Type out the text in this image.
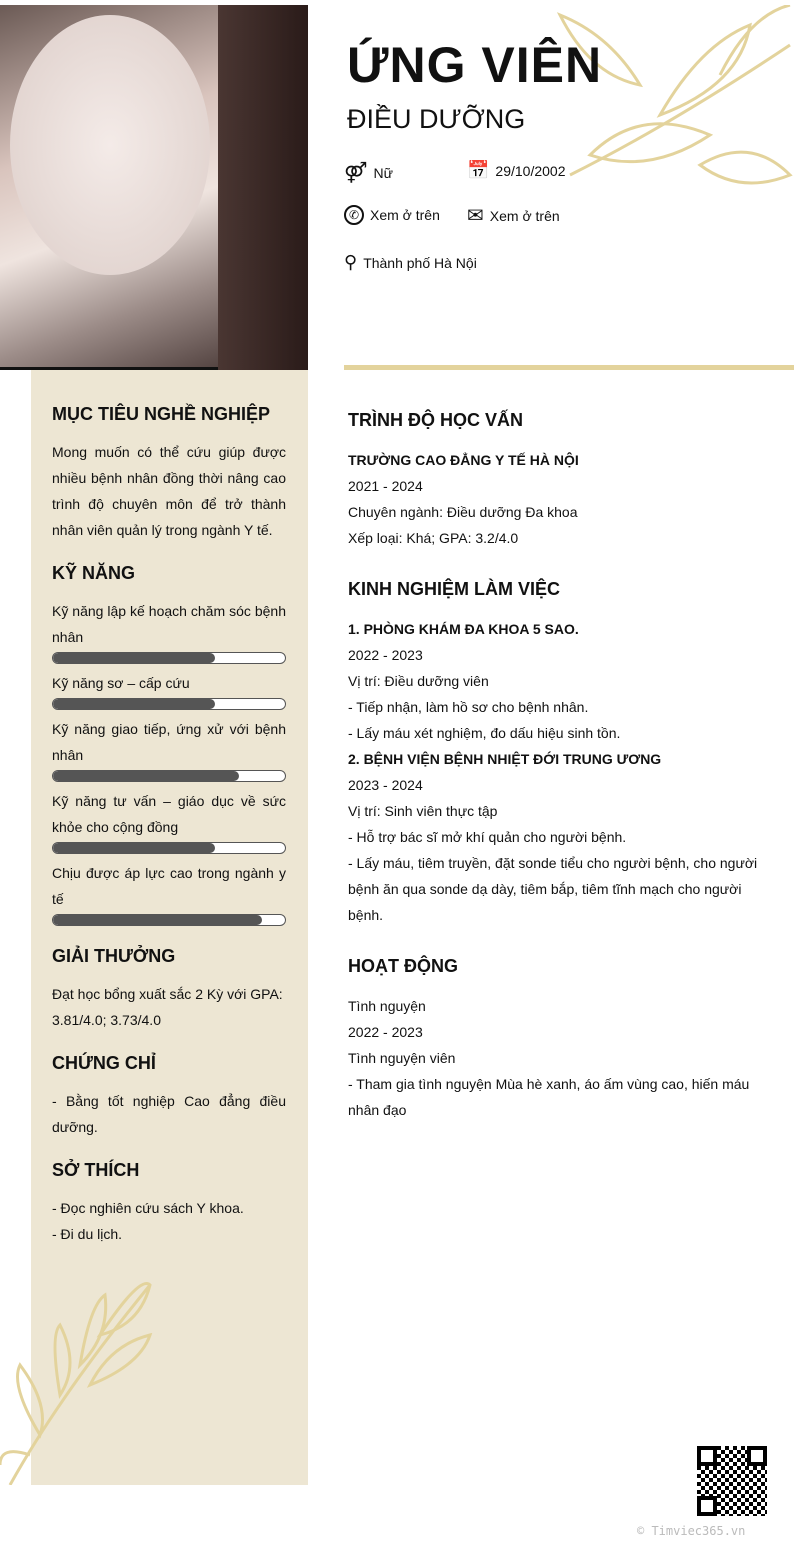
ỨNG VIÊN
ĐIỀU DƯỠNG
⚤ Nữ	📅 29/10/2002
✆ Xem ở trên ✉ Xem ở trên
⚲ Thành phố Hà Nội
MỤC TIÊU NGHỀ NGHIỆP
Mong muốn có thể cứu giúp được nhiều bệnh nhân đồng thời nâng cao trình độ chuyên môn để trở thành nhân viên quản lý trong ngành Y tế.
KỸ NĂNG
Kỹ năng lập kế hoạch chăm sóc bệnh nhân
Kỹ năng sơ – cấp cứu
Kỹ năng giao tiếp, ứng xử với bệnh nhân
Kỹ năng tư vấn – giáo dục về sức khỏe cho cộng đồng
Chịu được áp lực cao trong ngành y tế
GIẢI THƯỞNG
Đạt học bổng xuất sắc 2 Kỳ với GPA: 3.81/4.0; 3.73/4.0
CHỨNG CHỈ
- Bằng tốt nghiệp Cao đẳng điều dưỡng.
SỞ THÍCH
- Đọc nghiên cứu sách Y khoa.
- Đi du lịch.
TRÌNH ĐỘ HỌC VẤN
TRƯỜNG CAO ĐẲNG Y TẾ HÀ NỘI
2021 - 2024
Chuyên ngành: Điều dưỡng Đa khoa
Xếp loại: Khá; GPA: 3.2/4.0
KINH NGHIỆM LÀM VIỆC
1. PHÒNG KHÁM ĐA KHOA 5 SAO.
2022 - 2023
Vị trí: Điều dưỡng viên
- Tiếp nhận, làm hồ sơ cho bệnh nhân.
- Lấy máu xét nghiệm, đo dấu hiệu sinh tồn.
2. BỆNH VIỆN BỆNH NHIỆT ĐỚI TRUNG ƯƠNG
2023 - 2024
Vị trí: Sinh viên thực tập
- Hỗ trợ bác sĩ mở khí quản cho người bệnh.
- Lấy máu, tiêm truyền, đặt sonde tiểu cho người bệnh, cho người bệnh ăn qua sonde dạ dày, tiêm bắp, tiêm tĩnh mạch cho người bệnh.
HOẠT ĐỘNG
Tình nguyện
2022 - 2023
Tình nguyện viên
- Tham gia tình nguyện Mùa hè xanh, áo ấm vùng cao, hiến máu nhân đạo
© Timviec365.vn
